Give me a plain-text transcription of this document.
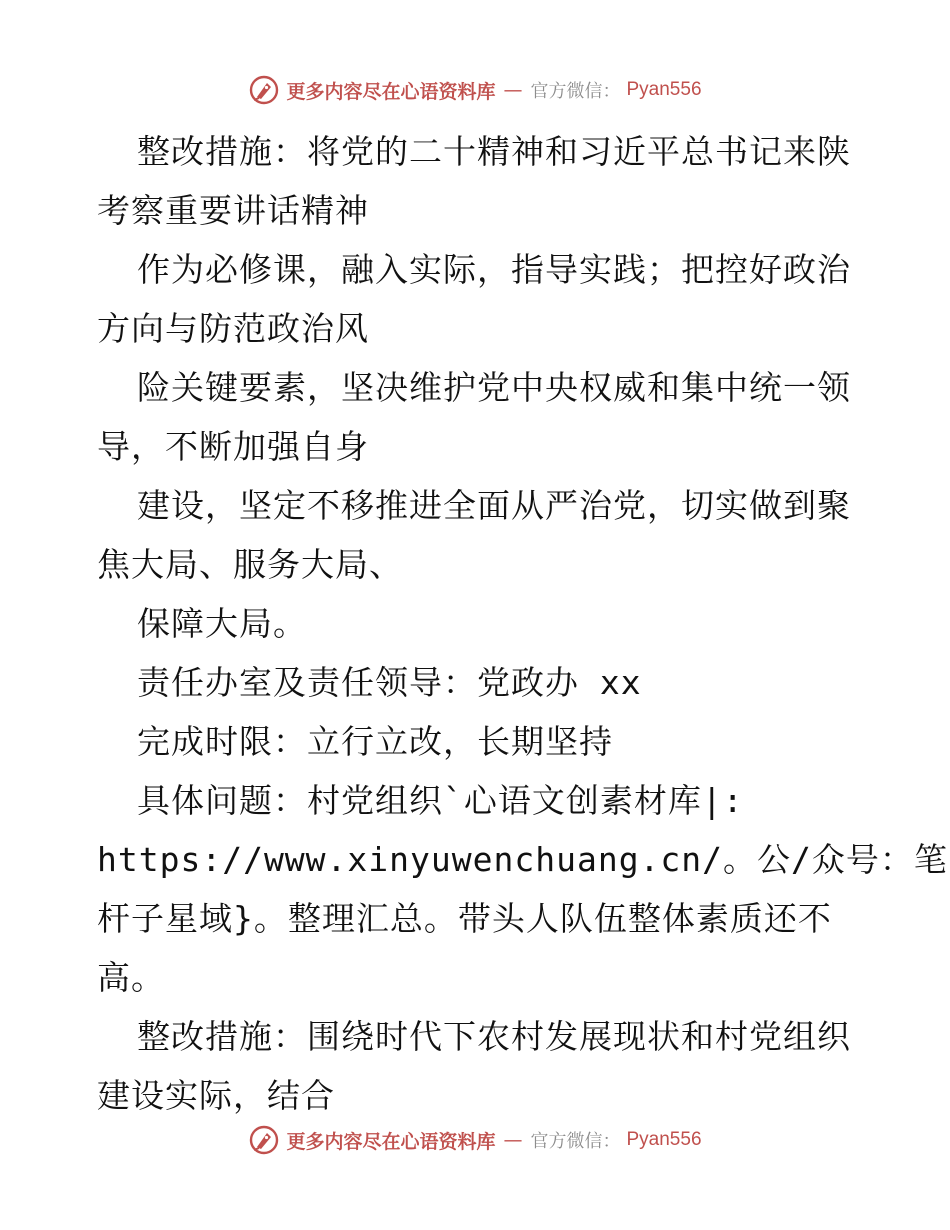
更多内容尽在心语资料库 — 官方微信： Pyan556
整改措施：将党的二十精神和习近平总书记来陕
考察重要讲话精神
作为必修课，融入实际，指导实践；把控好政治
方向与防范政治风
险关键要素，坚决维护党中央权威和集中统一领
导，不断加强自身
建设，坚定不移推进全面从严治党，切实做到聚
焦大局、服务大局、
保障大局。
责任办室及责任领导：党政办 xx
完成时限：立行立改，长期坚持
具体问题：村党组织`心语文创素材库|:
https://www.xinyuwenchuang.cn/。公/众号：笔
杆子星域}。整理汇总。带头人队伍整体素质还不
高。
整改措施：围绕时代下农村发展现状和村党组织
建设实际，结合
更多内容尽在心语资料库 — 官方微信： Pyan556
